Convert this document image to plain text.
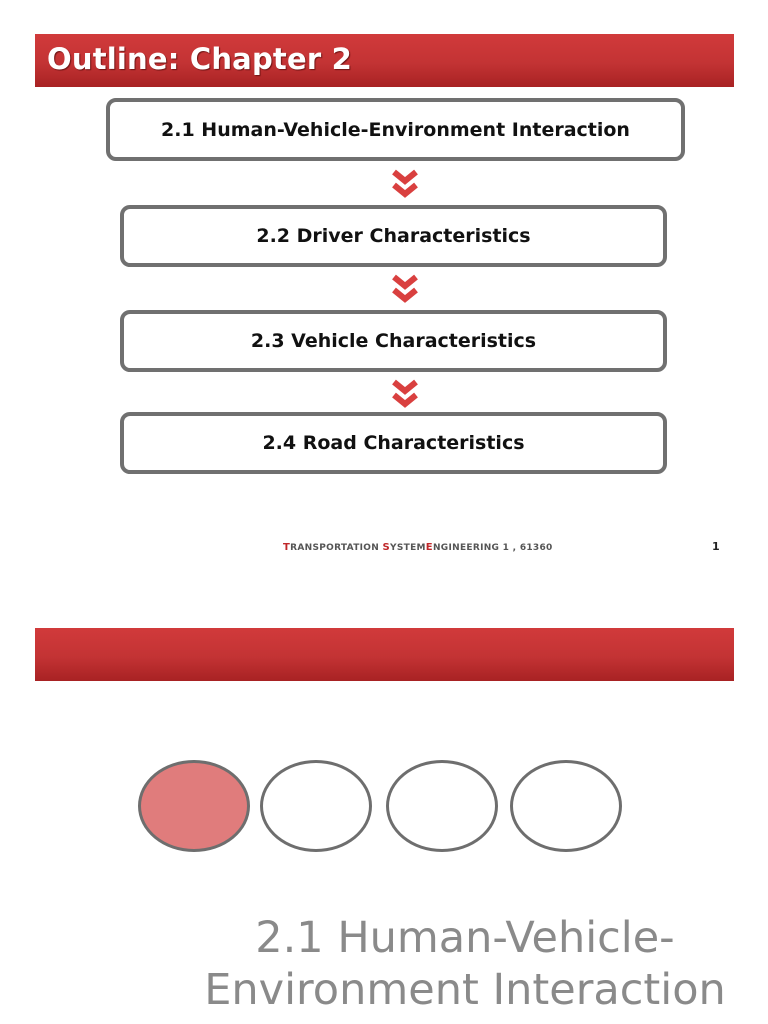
Outline: Chapter 2
2.1 Human-Vehicle-Environment Interaction
2.2 Driver Characteristics
2.3 Vehicle Characteristics
2.4 Road Characteristics
TRANSPORTATION SYSTEMENGINEERING 1 , 61360	1
2.1 Human-Vehicle-
Environment Interaction
